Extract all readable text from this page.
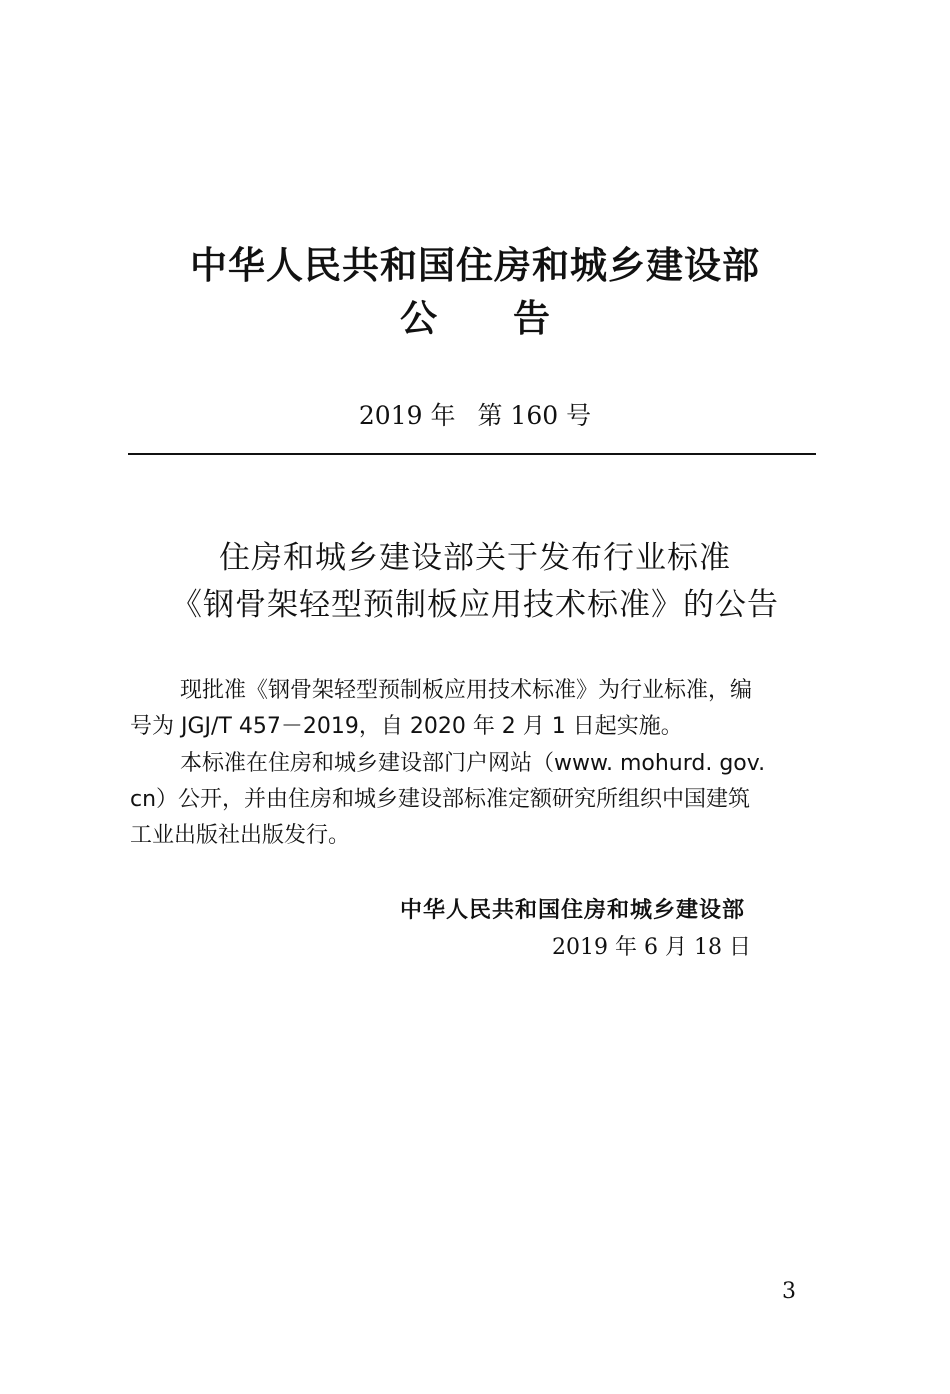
中华人民共和国住房和城乡建设部
公 告
2019 年 第 160 号
住房和城乡建设部关于发布行业标准
《钢骨架轻型预制板应用技术标准》的公告
现批准《钢骨架轻型预制板应用技术标准》为行业标准，编
号为 JGJ/T 457－2019，自 2020 年 2 月 1 日起实施。
本标准在住房和城乡建设部门户网站（www. mohurd. gov.
cn）公开，并由住房和城乡建设部标准定额研究所组织中国建筑
工业出版社出版发行。
中华人民共和国住房和城乡建设部
2019 年 6 月 18 日
3
